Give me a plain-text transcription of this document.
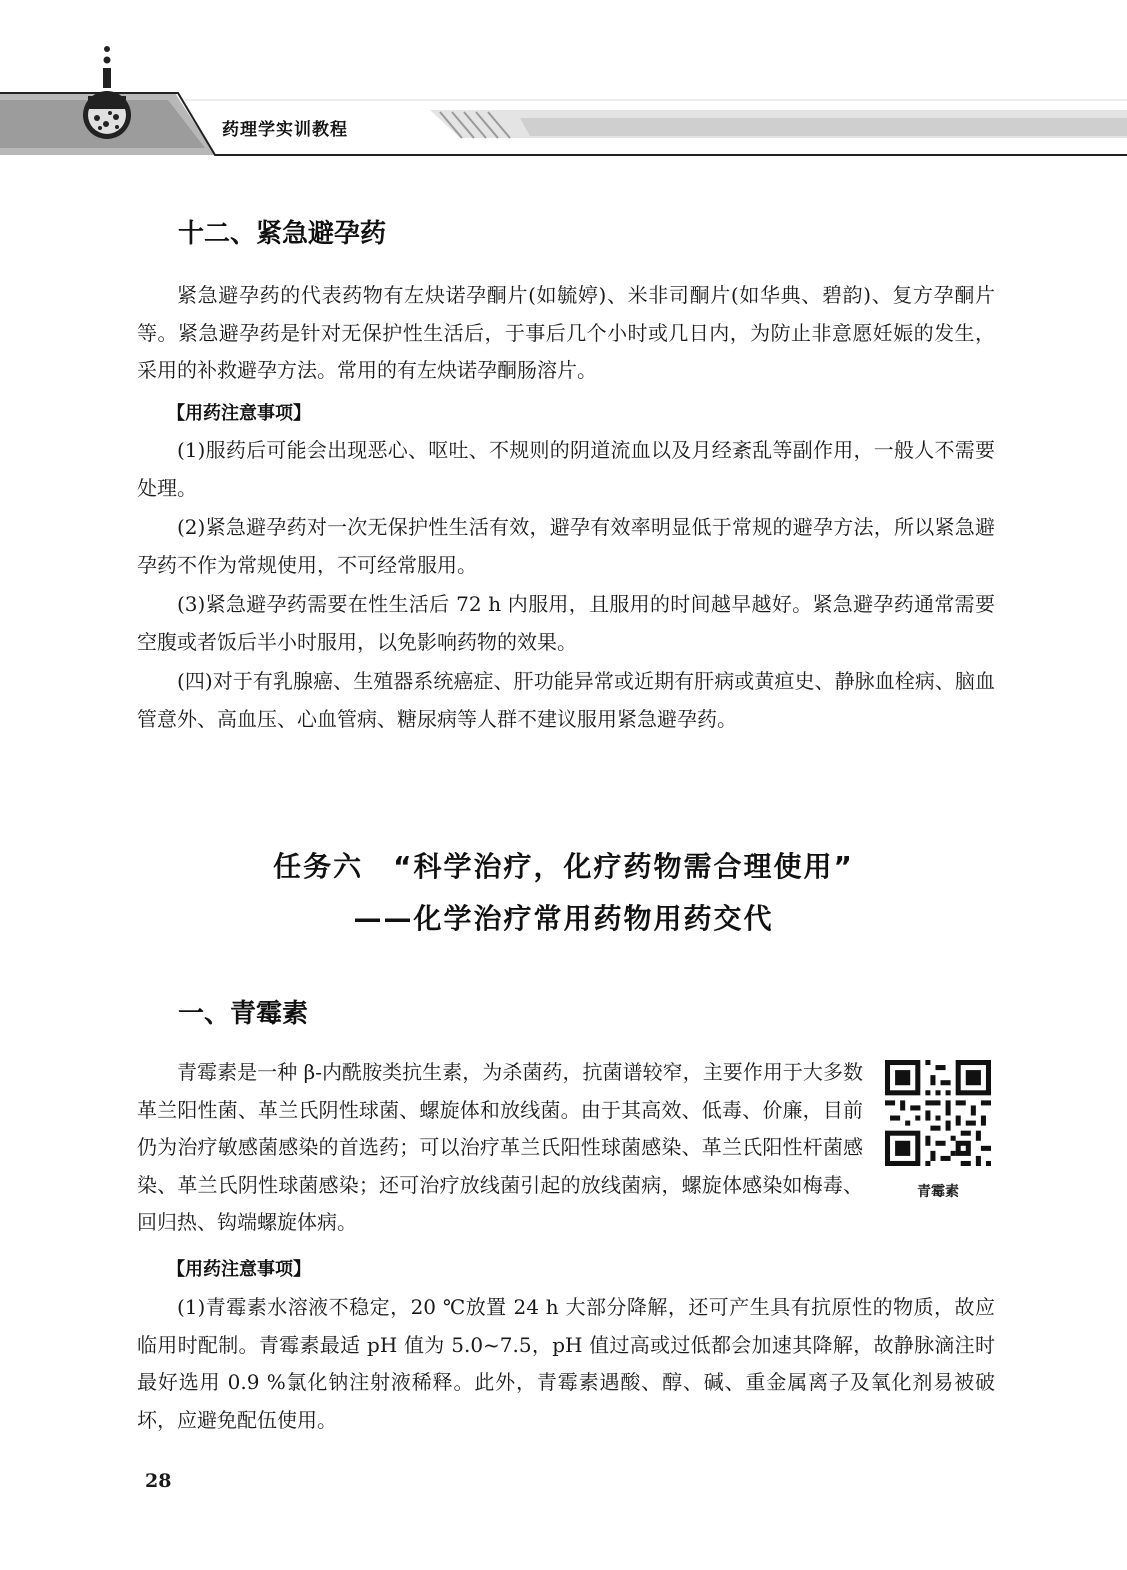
药理学实训教程
十二、紧急避孕药

紧急避孕药的代表药物有左炔诺孕酮片(如毓婷)、米非司酮片(如华典、碧韵)、复方孕酮片等。紧急避孕药是针对无保护性生活后，于事后几个小时或几日内，为防止非意愿妊娠的发生，采用的补救避孕方法。常用的有左炔诺孕酮肠溶片。

【用药注意事项】

(1)服药后可能会出现恶心、呕吐、不规则的阴道流血以及月经紊乱等副作用，一般人不需要处理。

(2)紧急避孕药对一次无保护性生活有效，避孕有效率明显低于常规的避孕方法，所以紧急避孕药不作为常规使用，不可经常服用。

(3)紧急避孕药需要在性生活后 72 h 内服用，且服用的时间越早越好。紧急避孕药通常需要空腹或者饭后半小时服用，以免影响药物的效果。

(四)对于有乳腺癌、生殖器系统癌症、肝功能异常或近期有肝病或黄疸史、静脉血栓病、脑血管意外、高血压、心血管病、糖尿病等人群不建议服用紧急避孕药。

任务六　“科学治疗，化疗药物需合理使用”
——化学治疗常用药物用药交代
一、青霉素

青霉素是一种 β-内酰胺类抗生素，为杀菌药，抗菌谱较窄，主要作用于大多数革兰阳性菌、革兰氏阴性球菌、螺旋体和放线菌。由于其高效、低毒、价廉，目前仍为治疗敏感菌感染的首选药；可以治疗革兰氏阳性球菌感染、革兰氏阳性杆菌感染、革兰氏阴性球菌感染；还可治疗放线菌引起的放线菌病，螺旋体感染如梅毒、回归热、钩端螺旋体病。

青霉素
【用药注意事项】

(1)青霉素水溶液不稳定，20 ℃放置 24 h 大部分降解，还可产生具有抗原性的物质，故应临用时配制。青霉素最适 pH 值为 5.0~7.5，pH 值过高或过低都会加速其降解，故静脉滴注时最好选用 0.9 %氯化钠注射液稀释。此外，青霉素遇酸、醇、碱、重金属离子及氧化剂易被破坏，应避免配伍使用。

28
